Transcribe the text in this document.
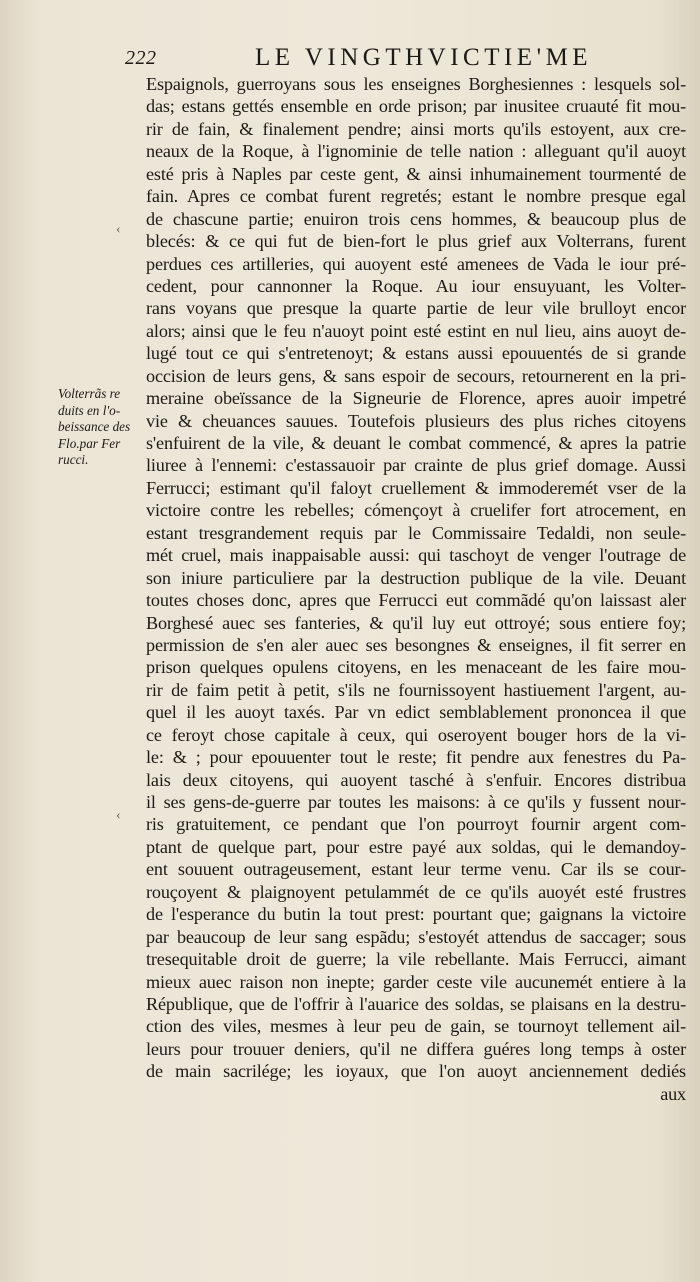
222	LE VINGTHVICTIE'ME
Volterrãs re
duits en l'o-
beissance des
Flo.par Fer
rucci.
‹
‹
Espaignols, guerroyans sous les enseignes Borghesiennes : lesquels sol-
das; estans gettés ensemble en orde prison; par inusitee cruauté fit mou-
rir de fain, & finalement pendre; ainsi morts qu'ils estoyent, aux cre-
neaux de la Roque, à l'ignominie de telle nation : alleguant qu'il auoyt
esté pris à Naples par ceste gent, & ainsi inhumainement tourmenté de
fain. Apres ce combat furent regretés; estant le nombre presque egal
de chascune partie; enuiron trois cens hommes, & beaucoup plus de
blecés: & ce qui fut de bien-fort le plus grief aux Volterrans, furent
perdues ces artilleries, qui auoyent esté amenees de Vada le iour pré-
cedent, pour cannonner la Roque. Au iour ensuyuant, les Volter-
rans voyans que presque la quarte partie de leur vile brulloyt encor
alors; ainsi que le feu n'auoyt point esté estint en nul lieu, ains auoyt de-
lugé tout ce qui s'entretenoyt; & estans aussi epouuentés de si grande
occision de leurs gens, & sans espoir de secours, retournerent en la pri-
meraine obeïssance de la Signeurie de Florence, apres auoir impetré
vie & cheuances sauues. Toutefois plusieurs des plus riches citoyens
s'enfuirent de la vile, & deuant le combat commencé, & apres la patrie
liuree à l'ennemi: c'estassauoir par crainte de plus grief domage. Aussi
Ferrucci; estimant qu'il faloyt cruellement & immoderemét vser de la
victoire contre les rebelles; cómençoyt à cruelifer fort atrocement, en
estant tresgrandement requis par le Commissaire Tedaldi, non seule-
mét cruel, mais inappaisable aussi: qui taschoyt de venger l'outrage de
son iniure particuliere par la destruction publique de la vile. Deuant
toutes choses donc, apres que Ferrucci eut commãdé qu'on laissast aler
Borghesé auec ses fanteries, & qu'il luy eut ottroyé; sous entiere foy;
permission de s'en aler auec ses besongnes & enseignes, il fit serrer en
prison quelques opulens citoyens, en les menaceant de les faire mou-
rir de faim petit à petit, s'ils ne fournissoyent hastiuement l'argent, au-
quel il les auoyt taxés. Par vn edict semblablement prononcea il que
ce feroyt chose capitale à ceux, qui oseroyent bouger hors de la vi-
le: & ; pour epouuenter tout le reste; fit pendre aux fenestres du Pa-
lais deux citoyens, qui auoyent tasché à s'enfuir. Encores distribua
il ses gens-de-guerre par toutes les maisons: à ce qu'ils y fussent nour-
ris gratuitement, ce pendant que l'on pourroyt fournir argent com-
ptant de quelque part, pour estre payé aux soldas, qui le demandoy-
ent souuent outrageusement, estant leur terme venu. Car ils se cour-
rouçoyent & plaignoyent petulammét de ce qu'ils auoyét esté frustres
de l'esperance du butin la tout prest: pourtant que; gaignans la victoire
par beaucoup de leur sang espãdu; s'estoyét attendus de saccager; sous
tresequitable droit de guerre; la vile rebellante. Mais Ferrucci, aimant
mieux auec raison non inepte; garder ceste vile aucunemét entiere à la
République, que de l'offrir à l'auarice des soldas, se plaisans en la destru-
ction des viles, mesmes à leur peu de gain, se tournoyt tellement ail-
leurs pour trouuer deniers, qu'il ne differa guéres long temps à oster
de main sacrilége; les ioyaux, que l'on auoyt anciennement dediés
aux
